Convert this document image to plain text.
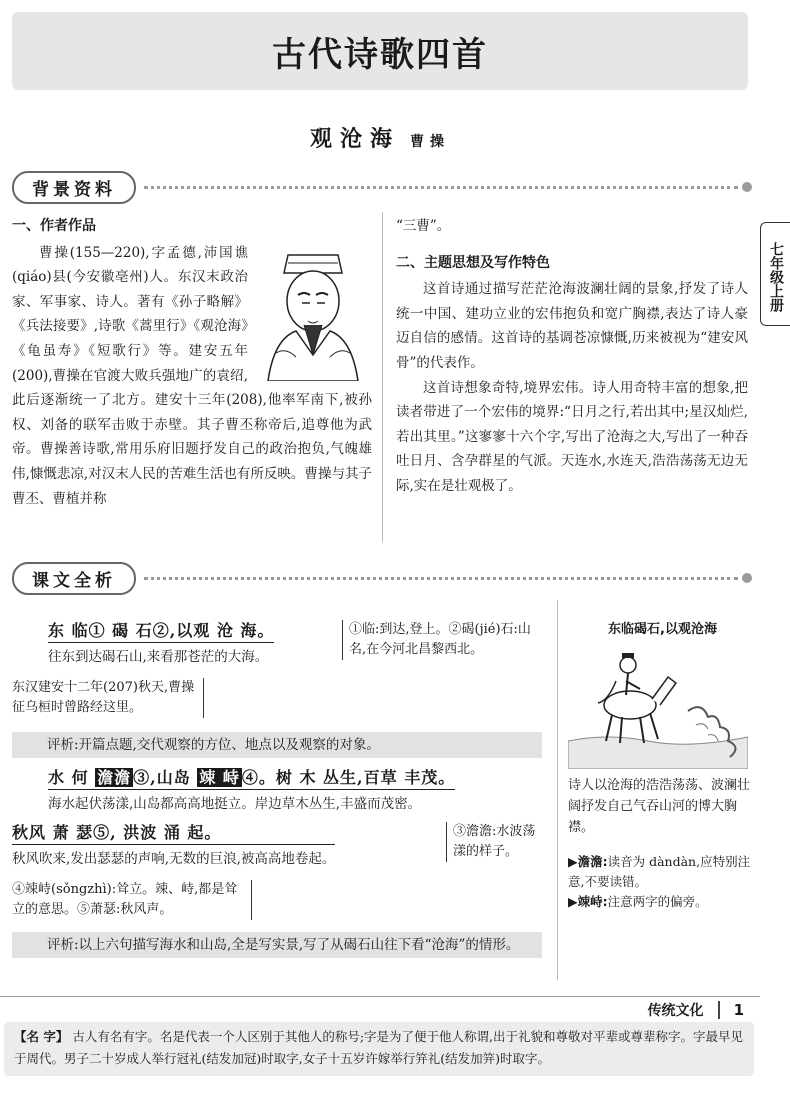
古代诗歌四首
观沧海 曹操
背景资料
七年级上册
一、作者作品

曹操(155—220),字孟德,沛国谯(qiáo)县(今安徽亳州)人。东汉末政治家、军事家、诗人。著有《孙子略解》《兵法接要》,诗歌《蒿里行》《观沧海》《龟虽寿》《短歌行》等。建安五年(200),曹操在官渡大败兵强地广的袁绍,此后逐渐统一了北方。建安十三年(208),他率军南下,被孙权、刘备的联军击败于赤壁。其子曹丕称帝后,追尊他为武帝。曹操善诗歌,常用乐府旧题抒发自己的政治抱负,气魄雄伟,慷慨悲凉,对汉末人民的苦难生活也有所反映。曹操与其子曹丕、曹植并称

“三曹”。
二、主题思想及写作特色

这首诗通过描写茫茫沧海波澜壮阔的景象,抒发了诗人统一中国、建功立业的宏伟抱负和宽广胸襟,表达了诗人豪迈自信的感情。这首诗的基调苍凉慷慨,历来被视为“建安风骨”的代表作。

这首诗想象奇特,境界宏伟。诗人用奇特丰富的想象,把读者带进了一个宏伟的境界:“日月之行,若出其中;星汉灿烂,若出其里。”这寥寥十六个字,写出了沧海之大,写出了一种吞吐日月、含孕群星的气派。天连水,水连天,浩浩荡荡无边无际,实在是壮观极了。

课文全析
东 临① 碣 石②,以观 沧 海。
往东到达碣石山,来看那苍茫的大海。
①临:到达,登上。②碣(jié)石:山名,在今河北昌黎西北。
东汉建安十二年(207)秋天,曹操征乌桓时曾路经这里。
评析:开篇点题,交代观察的方位、地点以及观察的对象。
水 何 澹澹 ③,山岛 竦 峙 ④。树 木 丛生,百草 丰茂。
海水起伏荡漾,山岛都高高地挺立。岸边草木丛生,丰盛而茂密。
秋风 萧 瑟⑤, 洪波 涌 起。
秋风吹来,发出瑟瑟的声响,无数的巨浪,被高高地卷起。
③澹澹:水波荡漾的样子。
④竦峙(sǒngzhì):耸立。竦、峙,都是耸立的意思。⑤萧瑟:秋风声。
评析:以上六句描写海水和山岛,全是写实景,写了从碣石山往下看“沧海”的情形。
东临碣石,以观沧海
诗人以沧海的浩浩荡荡、波澜壮阔抒发自己气吞山河的博大胸襟。
▶澹澹:读音为 dàndàn,应特别注意,不要读错。
▶竦峙:注意两字的偏旁。
传统文化	1
【名 字】 古人有名有字。名是代表一个人区别于其他人的称号;字是为了便于他人称谓,出于礼貌和尊敬对平辈或尊辈称字。字最早见于周代。男子二十岁成人举行冠礼(结发加冠)时取字,女子十五岁许嫁举行笄礼(结发加笄)时取字。
